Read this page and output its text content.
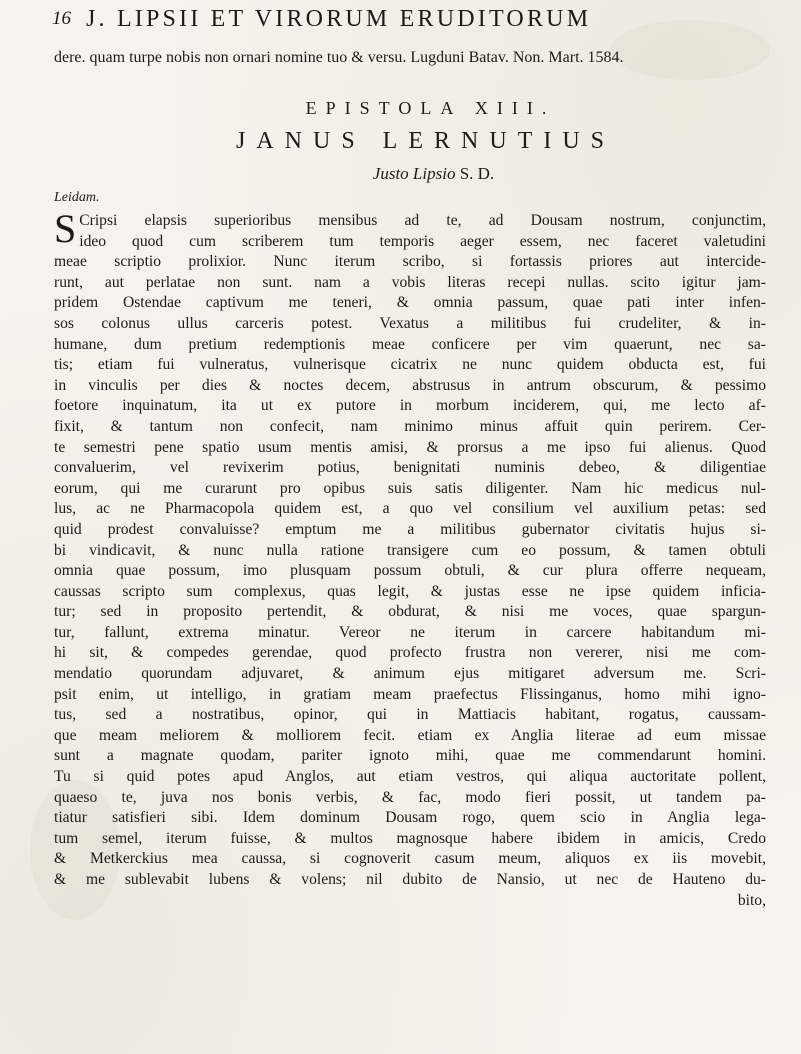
16 J. LIPSII ET VIRORUM ERUDITORUM
dere. quam turpe nobis non ornari nomine tuo & versu. Lugduni Batav. Non. Mart. 1584.
EPISTOLA XIII.
JANUS LERNUTIUS
Justo Lipsio S. D.
Leidam.
S Cripsi elapsis superioribus mensibus ad te, ad Dousam nostrum, conjunctim,
ideo quod cum scriberem tum temporis aeger essem, nec faceret valetudini
meae scriptio prolixior. Nunc iterum scribo, si fortassis priores aut intercide-
runt, aut perlatae non sunt. nam a vobis literas recepi nullas. scito igitur jam-
pridem Ostendae captivum me teneri, & omnia passum, quae pati inter infen-
sos colonus ullus carceris potest. Vexatus a militibus fui crudeliter, & in-
humane, dum pretium redemptionis meae conficere per vim quaerunt, nec sa-
tis; etiam fui vulneratus, vulnerisque cicatrix ne nunc quidem obducta est, fui
in vinculis per dies & noctes decem, abstrusus in antrum obscurum, & pessimo
foetore inquinatum, ita ut ex putore in morbum inciderem, qui, me lecto af-
fixit, & tantum non confecit, nam minimo minus affuit quin perirem. Cer-
te semestri pene spatio usum mentis amisi, & prorsus a me ipso fui alienus. Quod
convaluerim, vel revixerim potius, benignitati numinis debeo, & diligentiae
eorum, qui me curarunt pro opibus suis satis diligenter. Nam hic medicus nul-
lus, ac ne Pharmacopola quidem est, a quo vel consilium vel auxilium petas: sed
quid prodest convaluisse? emptum me a militibus gubernator civitatis hujus si-
bi vindicavit, & nunc nulla ratione transigere cum eo possum, & tamen obtuli
omnia quae possum, imo plusquam possum obtuli, & cur plura offerre nequeam,
caussas scripto sum complexus, quas legit, & justas esse ne ipse quidem inficia-
tur; sed in proposito pertendit, & obdurat, & nisi me voces, quae spargun-
tur, fallunt, extrema minatur. Vereor ne iterum in carcere habitandum mi-
hi sit, & compedes gerendae, quod profecto frustra non vererer, nisi me com-
mendatio quorundam adjuvaret, & animum ejus mitigaret adversum me. Scri-
psit enim, ut intelligo, in gratiam meam praefectus Flissinganus, homo mihi igno-
tus, sed a nostratibus, opinor, qui in Mattiacis habitant, rogatus, caussam-
que meam meliorem & molliorem fecit. etiam ex Anglia literae ad eum missae
sunt a magnate quodam, pariter ignoto mihi, quae me commendarunt homini.
Tu si quid potes apud Anglos, aut etiam vestros, qui aliqua auctoritate pollent,
quaeso te, juva nos bonis verbis, & fac, modo fieri possit, ut tandem pa-
tiatur satisfieri sibi. Idem dominum Dousam rogo, quem scio in Anglia lega-
tum semel, iterum fuisse, & multos magnosque habere ibidem in amicis, Credo
& Metkerckius mea caussa, si cognoverit casum meum, aliquos ex iis movebit,
& me sublevabit lubens & volens; nil dubito de Nansio, ut nec de Hauteno du-
bito,
